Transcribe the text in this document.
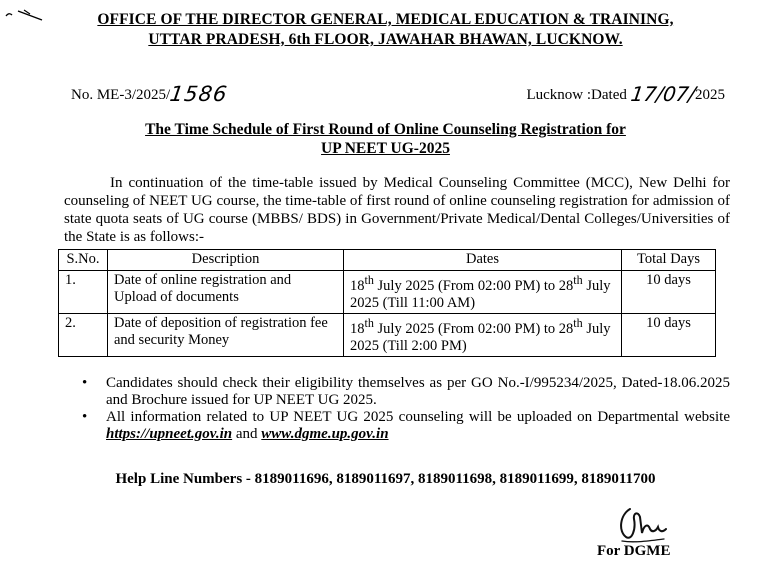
OFFICE OF THE DIRECTOR GENERAL, MEDICAL EDUCATION & TRAINING,
UTTAR PRADESH, 6th FLOOR, JAWAHAR BHAWAN, LUCKNOW.
No. ME-3/2025/1586	Lucknow :Dated 17/07/2025
The Time Schedule of First Round of Online Counseling Registration for
UP NEET UG-2025
In continuation of the time-table issued by Medical Counseling Committee (MCC), New Delhi for counseling of NEET UG course, the time-table of first round of online counseling registration for admission of state quota seats of UG course (MBBS/ BDS) in Government/Private Medical/Dental Colleges/Universities of the State is as follows:-
S.No.	Description	Dates	Total Days
1.	Date of online registration and Upload of documents	18th July 2025 (From 02:00 PM) to 28th July 2025 (Till 11:00 AM)	10 days
2.	Date of deposition of registration fee and security Money	18th July 2025 (From 02:00 PM) to 28th July 2025 (Till 2:00 PM)	10 days
• Candidates should check their eligibility themselves as per GO No.-I/995234/2025, Dated-18.06.2025 and Brochure issued for UP NEET UG 2025.
• All information related to UP NEET UG 2025 counseling will be uploaded on Departmental website https://upneet.gov.in and www.dgme.up.gov.in
Help Line Numbers - 8189011696, 8189011697, 8189011698, 8189011699, 8189011700
For DGME
